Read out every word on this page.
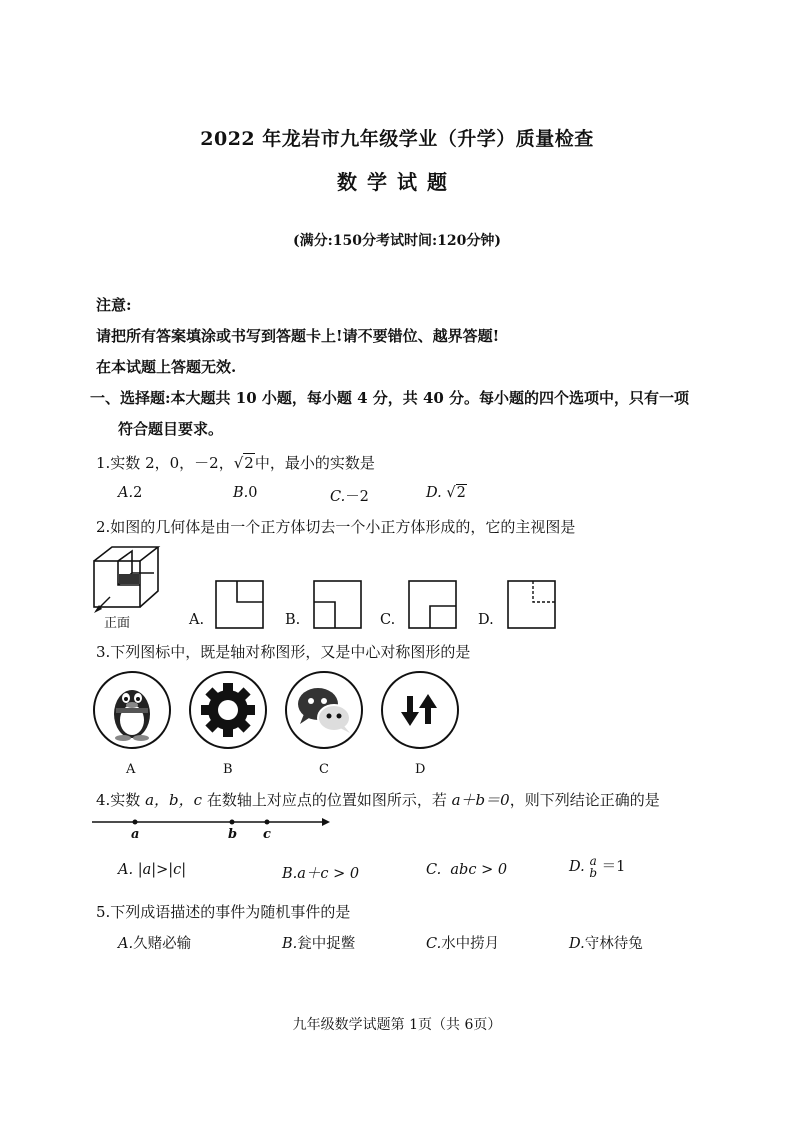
2022 年龙岩市九年级学业（升学）质量检查
数学试题
(满分:150分考试时间:120分钟)
注意:
请把所有答案填涂或书写到答题卡上!请不要错位、越界答题!
在本试题上答题无效.
一、选择题:本大题共 10 小题，每小题 4 分，共 40 分。每小题的四个选项中，只有一项
符合题目要求。
1.实数 2，0，－2，√2中，最小的实数是
A.2	B.0	C.－2	D. √2
2.如图的几何体是由一个正方体切去一个小正方体形成的，它的主视图是
正面	A.	B.	C.	D.
3.下列图标中，既是轴对称图形，又是中心对称图形的是
A	B	C	D
4.实数 a，b，c 在数轴上对应点的位置如图所示，若 a＋b＝0，则下列结论正确的是
a	b c
A. |a|>|c|	B.a＋c > 0	C. abc > 0	D. a
b ＝1
5.下列成语描述的事件为随机事件的是
A.久赌必输	B.瓮中捉鳖	C.水中捞月	D.守林待兔
九年级数学试题第 1页（共 6页）
